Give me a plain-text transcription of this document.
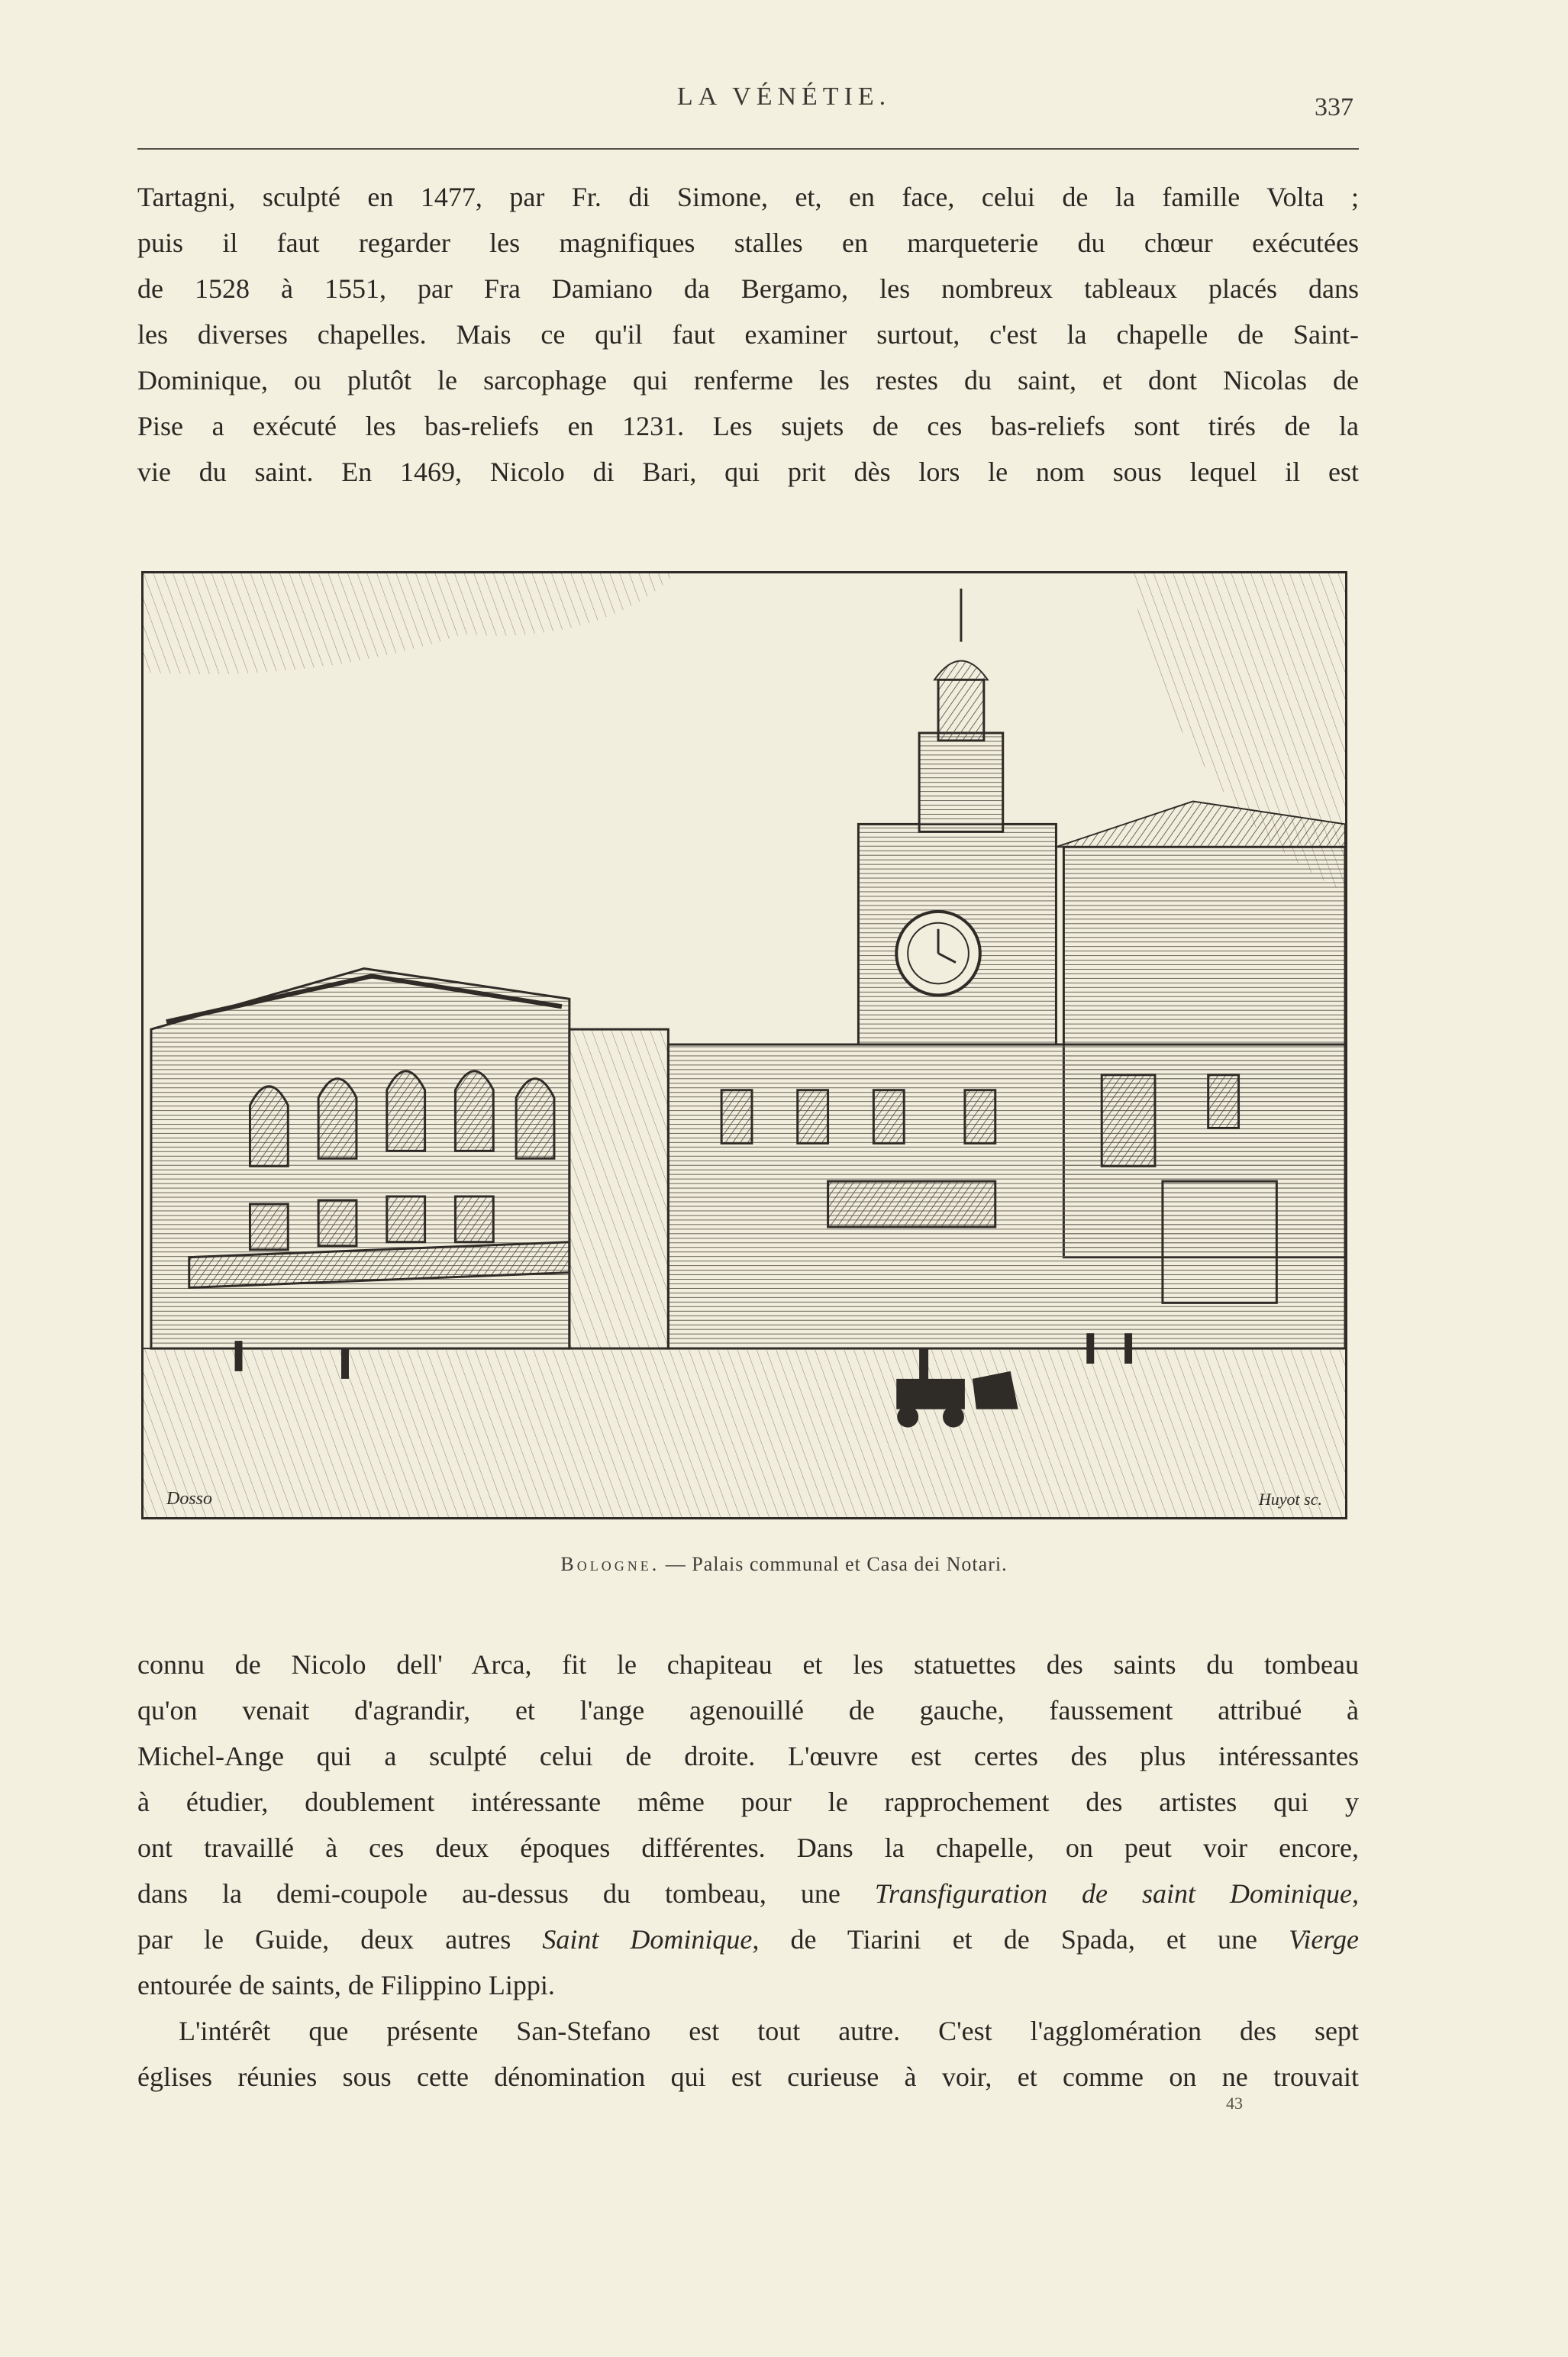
LA VÉNÉTIE.	337
Tartagni, sculpté en 1477, par Fr. di Simone, et, en face, celui de la famille Volta ;
puis il faut regarder les magnifiques stalles en marqueterie du chœur exécutées
de 1528 à 1551, par Fra Damiano da Bergamo, les nombreux tableaux placés dans
les diverses chapelles. Mais ce qu'il faut examiner surtout, c'est la chapelle de Saint-
Dominique, ou plutôt le sarcophage qui renferme les restes du saint, et dont Nicolas de
Pise a exécuté les bas-reliefs en 1231. Les sujets de ces bas-reliefs sont tirés de la
vie du saint. En 1469, Nicolo di Bari, qui prit dès lors le nom sous lequel il est
Dosso	Huyot sc.
Bologne. — Palais communal et Casa dei Notari.
connu de Nicolo dell' Arca, fit le chapiteau et les statuettes des saints du tombeau
qu'on venait d'agrandir, et l'ange agenouillé de gauche, faussement attribué à
Michel-Ange qui a sculpté celui de droite. L'œuvre est certes des plus intéressantes
à étudier, doublement intéressante même pour le rapprochement des artistes qui y
ont travaillé à ces deux époques différentes. Dans la chapelle, on peut voir encore,
dans la demi-coupole au-dessus du tombeau, une Transfiguration de saint Dominique,
par le Guide, deux autres Saint Dominique, de Tiarini et de Spada, et une Vierge
entourée de saints, de Filippino Lippi.
L'intérêt que présente San-Stefano est tout autre. C'est l'agglomération des sept
églises réunies sous cette dénomination qui est curieuse à voir, et comme on ne trouvait
43
